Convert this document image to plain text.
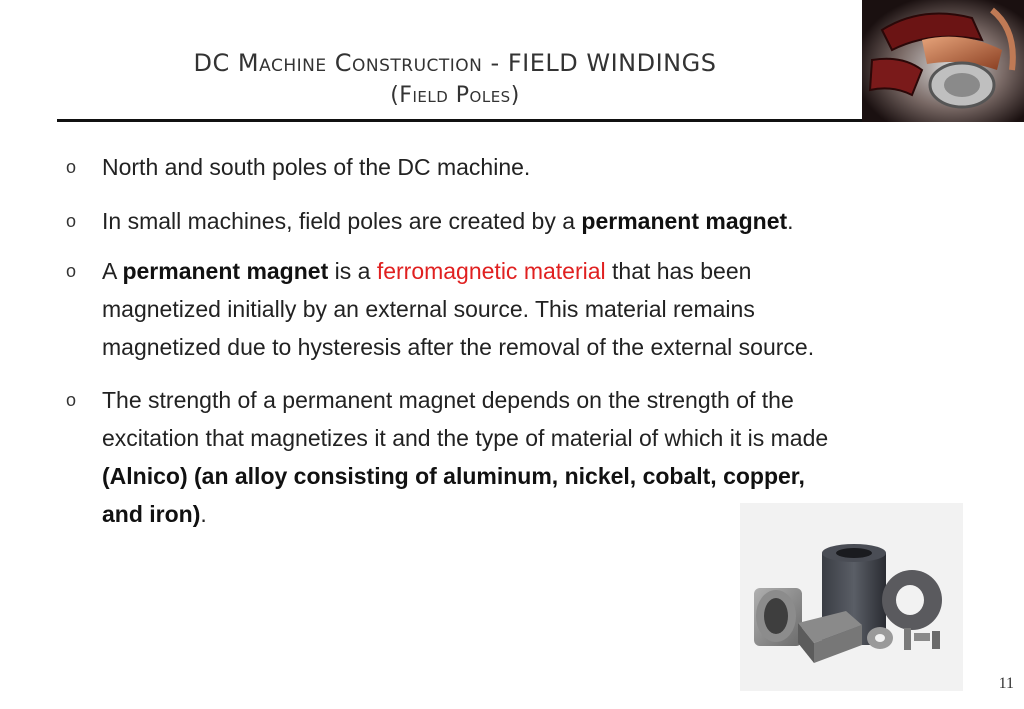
DC Machine Construction - FIELD WINDINGS
(Field Poles)
o North and south poles of the DC machine.
o In small machines, field poles are created by a permanent magnet.
o A permanent magnet is a ferromagnetic material that has been
magnetized initially by an external source. This material remains
magnetized due to hysteresis after the removal of the external source.
o The strength of a permanent magnet depends on the strength of the
excitation that magnetizes it and the type of material of which it is made
(Alnico) (an alloy consisting of aluminum, nickel, cobalt, copper,
and iron).
11
